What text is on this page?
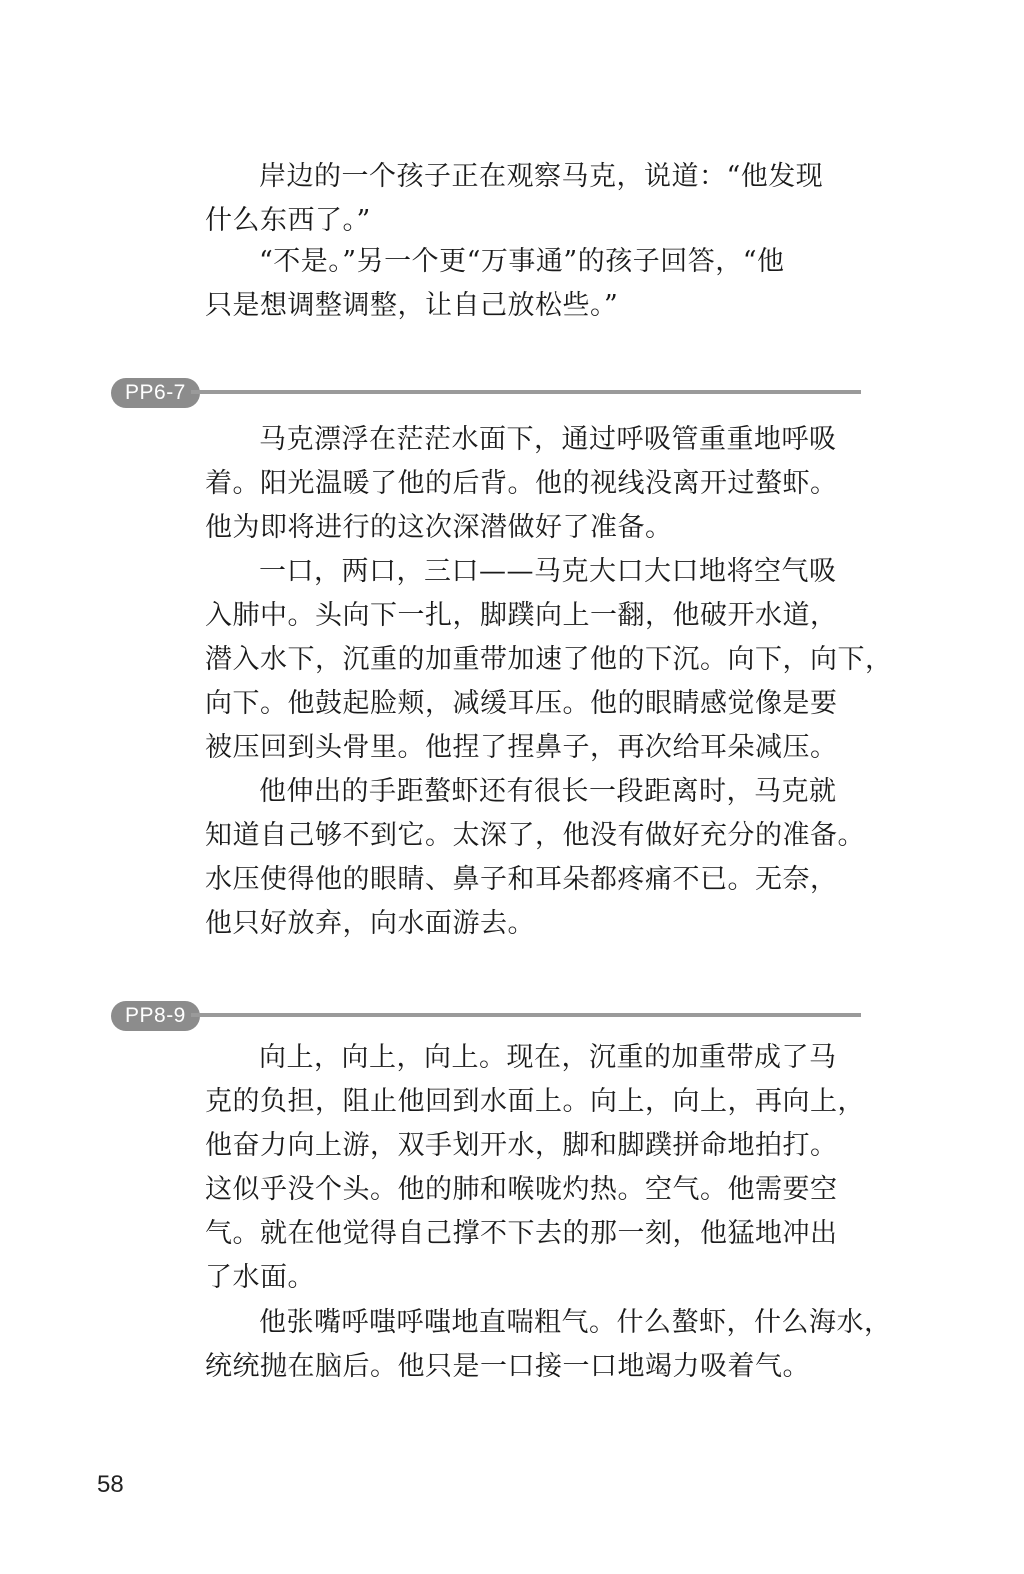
岸边的一个孩子正在观察马克，说道：“他发现
什么东西了。”
“不是。”另一个更“万事通”的孩子回答，“他
只是想调整调整，让自己放松些。”
PP6-7
马克漂浮在茫茫水面下，通过呼吸管重重地呼吸
着。阳光温暖了他的后背。他的视线没离开过螯虾。
他为即将进行的这次深潜做好了准备。
一口，两口，三口——马克大口大口地将空气吸
入肺中。头向下一扎，脚蹼向上一翻，他破开水道，
潜入水下，沉重的加重带加速了他的下沉。向下，向下，
向下。他鼓起脸颊，减缓耳压。他的眼睛感觉像是要
被压回到头骨里。他捏了捏鼻子，再次给耳朵减压。
他伸出的手距螯虾还有很长一段距离时，马克就
知道自己够不到它。太深了，他没有做好充分的准备。
水压使得他的眼睛、鼻子和耳朵都疼痛不已。无奈，
他只好放弃，向水面游去。
PP8-9
向上，向上，向上。现在，沉重的加重带成了马
克的负担，阻止他回到水面上。向上，向上，再向上，
他奋力向上游，双手划开水，脚和脚蹼拼命地拍打。
这似乎没个头。他的肺和喉咙灼热。空气。他需要空
气。就在他觉得自己撑不下去的那一刻，他猛地冲出
了水面。
他张嘴呼嗤呼嗤地直喘粗气。什么螯虾，什么海水，
统统抛在脑后。他只是一口接一口地竭力吸着气。
58
